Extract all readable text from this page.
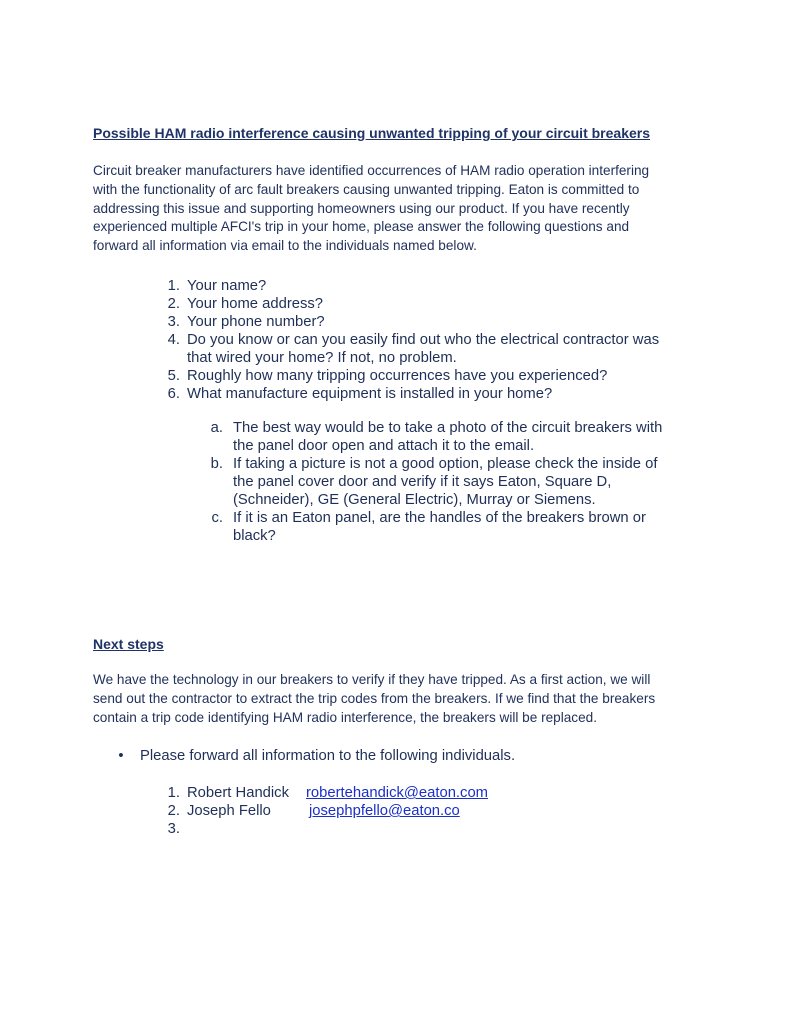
Possible HAM radio interference causing unwanted tripping of your circuit breakers
Circuit breaker manufacturers have identified occurrences of HAM radio operation interfering
with the functionality of arc fault breakers causing unwanted tripping. Eaton is committed to
addressing this issue and supporting homeowners using our product. If you have recently
experienced multiple AFCI's trip in your home, please answer the following questions and
forward all information via email to the individuals named below.
1. Your name?
2. Your home address?
3. Your phone number?
4. Do you know or can you easily find out who the electrical contractor was
that wired your home? If not, no problem.
5. Roughly how many tripping occurrences have you experienced?
6. What manufacture equipment is installed in your home?
a. The best way would be to take a photo of the circuit breakers with
the panel door open and attach it to the email.
b. If taking a picture is not a good option, please check the inside of
the panel cover door and verify if it says Eaton, Square D,
(Schneider), GE (General Electric), Murray or Siemens.
c. If it is an Eaton panel, are the handles of the breakers brown or
black?
Next steps
We have the technology in our breakers to verify if they have tripped. As a first action, we will
send out the contractor to extract the trip codes from the breakers. If we find that the breakers
contain a trip code identifying HAM radio interference, the breakers will be replaced.
• Please forward all information to the following individuals.
1. Robert Handick robertehandick@eaton.com
2. Joseph Fello	josephpfello@eaton.co
3.
